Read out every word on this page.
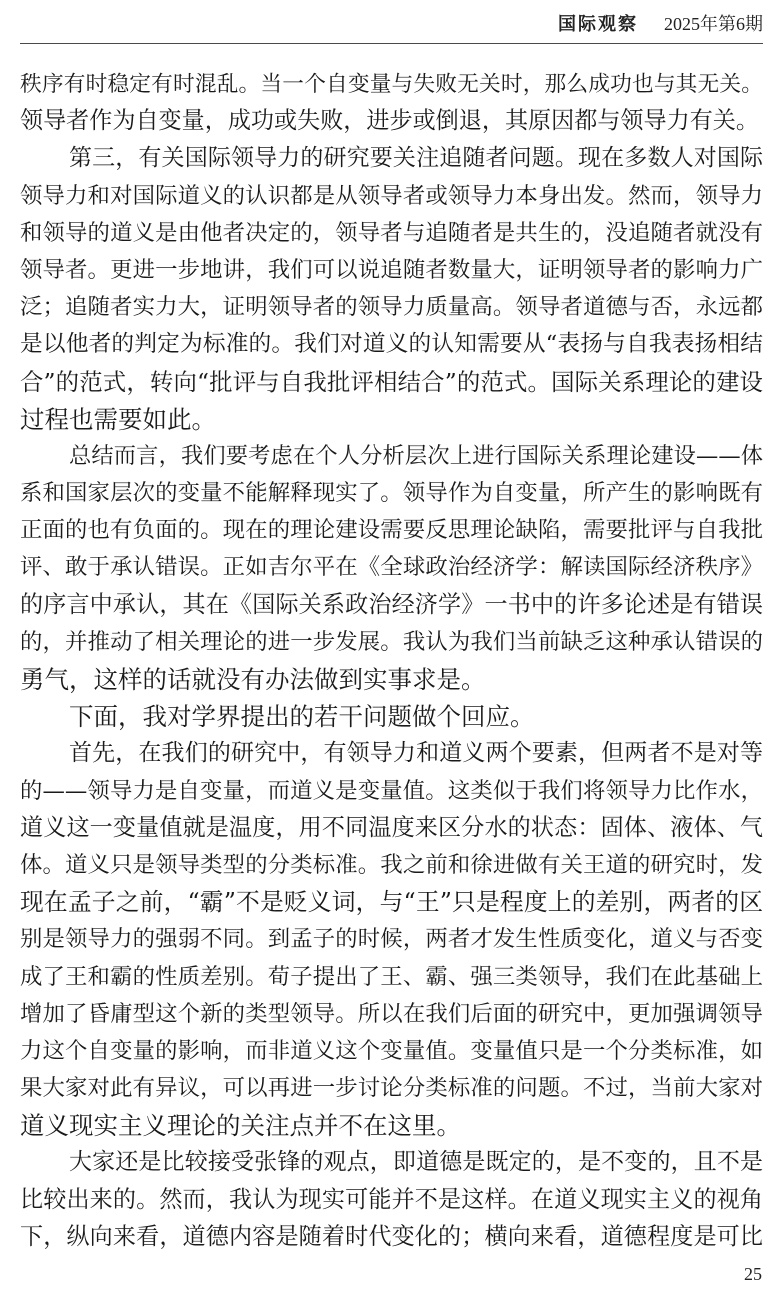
国际观察 2025年第6期
秩序有时稳定有时混乱。当一个自变量与失败无关时，那么成功也与其无关。
领导者作为自变量，成功或失败，进步或倒退，其原因都与领导力有关。
第三，有关国际领导力的研究要关注追随者问题。现在多数人对国际
领导力和对国际道义的认识都是从领导者或领导力本身出发。然而，领导力
和领导的道义是由他者决定的，领导者与追随者是共生的，没追随者就没有
领导者。更进一步地讲，我们可以说追随者数量大，证明领导者的影响力广
泛；追随者实力大，证明领导者的领导力质量高。领导者道德与否，永远都
是以他者的判定为标准的。我们对道义的认知需要从“表扬与自我表扬相结
合”的范式，转向“批评与自我批评相结合”的范式。国际关系理论的建设
过程也需要如此。
总结而言，我们要考虑在个人分析层次上进行国际关系理论建设——体
系和国家层次的变量不能解释现实了。领导作为自变量，所产生的影响既有
正面的也有负面的。现在的理论建设需要反思理论缺陷，需要批评与自我批
评、敢于承认错误。正如吉尔平在《全球政治经济学：解读国际经济秩序》
的序言中承认，其在《国际关系政治经济学》一书中的许多论述是有错误
的，并推动了相关理论的进一步发展。我认为我们当前缺乏这种承认错误的
勇气，这样的话就没有办法做到实事求是。
下面，我对学界提出的若干问题做个回应。
首先，在我们的研究中，有领导力和道义两个要素，但两者不是对等
的——领导力是自变量，而道义是变量值。这类似于我们将领导力比作水，
道义这一变量值就是温度，用不同温度来区分水的状态：固体、液体、气
体。道义只是领导类型的分类标准。我之前和徐进做有关王道的研究时，发
现在孟子之前，“霸”不是贬义词，与“王”只是程度上的差别，两者的区
别是领导力的强弱不同。到孟子的时候，两者才发生性质变化，道义与否变
成了王和霸的性质差别。荀子提出了王、霸、强三类领导，我们在此基础上
增加了昏庸型这个新的类型领导。所以在我们后面的研究中，更加强调领导
力这个自变量的影响，而非道义这个变量值。变量值只是一个分类标准，如
果大家对此有异议，可以再进一步讨论分类标准的问题。不过，当前大家对
道义现实主义理论的关注点并不在这里。
大家还是比较接受张锋的观点，即道德是既定的，是不变的，且不是
比较出来的。然而，我认为现实可能并不是这样。在道义现实主义的视角
下，纵向来看，道德内容是随着时代变化的；横向来看，道德程度是可比
25
